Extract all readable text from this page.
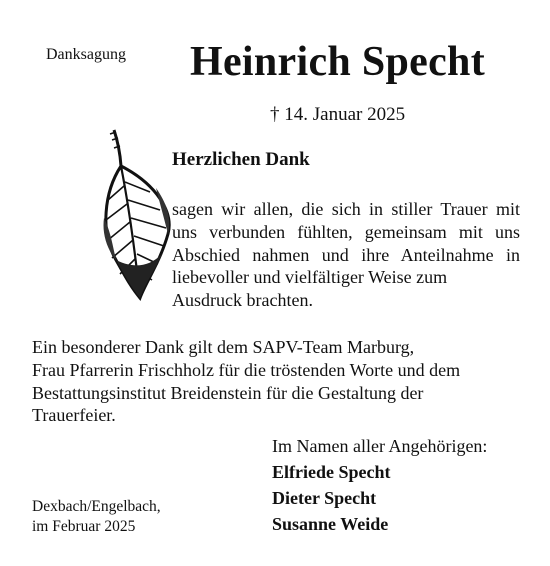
Danksagung Heinrich Specht
† 14. Januar 2025
Herzlichen Dank
sagen wir allen, die sich in stiller Trauer mit
uns verbunden fühlten, gemeinsam mit uns
Abschied nahmen und ihre Anteilnahme in
liebevoller und vielfältiger Weise zum
Ausdruck brachten.
Ein besonderer Dank gilt dem SAPV-Team Marburg,
Frau Pfarrerin Frischholz für die tröstenden Worte und dem
Bestattungsinstitut Breidenstein für die Gestaltung der
Trauerfeier.
Im Namen aller Angehörigen:
Elfriede Specht
Dieter Specht
Susanne Weide
Dexbach/Engelbach,
im Februar 2025
